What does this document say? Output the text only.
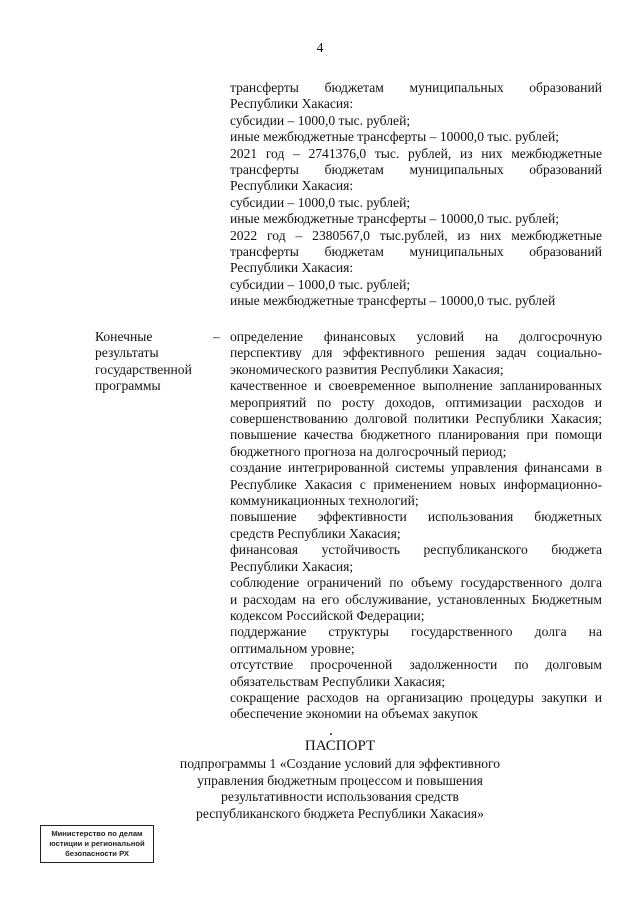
4
трансферты бюджетам муниципальных образований
Республики Хакасия:
субсидии – 1000,0 тыс. рублей;
иные межбюджетные трансферты – 10000,0 тыс. рублей;
2021 год – 2741376,0 тыс. рублей, из них межбюджетные
трансферты бюджетам муниципальных образований
Республики Хакасия:
субсидии – 1000,0 тыс. рублей;
иные межбюджетные трансферты – 10000,0 тыс. рублей;
2022 год – 2380567,0 тыс.рублей, из них межбюджетные
трансферты бюджетам муниципальных образований
Республики Хакасия:
субсидии – 1000,0 тыс. рублей;
иные межбюджетные трансферты – 10000,0 тыс. рублей
Конечные
результаты
государственной
программы
– определение финансовых условий на долгосрочную
перспективу для эффективного решения задач социально-
экономического развития Республики Хакасия;
качественное и своевременное выполнение запланированных
мероприятий по росту доходов, оптимизации расходов и
совершенствованию долговой политики Республики Хакасия;
повышение качества бюджетного планирования при помощи
бюджетного прогноза на долгосрочный период;
создание интегрированной системы управления финансами в
Республике Хакасия с применением новых информационно-
коммуникационных технологий;
повышение эффективности использования бюджетных
средств Республики Хакасия;
финансовая устойчивость республиканского бюджета
Республики Хакасия;
соблюдение ограничений по объему государственного долга
и расходам на его обслуживание, установленных Бюджетным
кодексом Российской Федерации;
поддержание структуры государственного долга на
оптимальном уровне;
отсутствие просроченной задолженности по долговым
обязательствам Республики Хакасия;
сокращение расходов на организацию процедуры закупки и
обеспечение экономии на объемах закупок
ПАСПОРТ
подпрограммы 1 «Создание условий для эффективного
управления бюджетным процессом и повышения
результативности использования средств
республиканского бюджета Республики Хакасия»
Министерство по делам
юстиции и региональной
безопасности РХ
